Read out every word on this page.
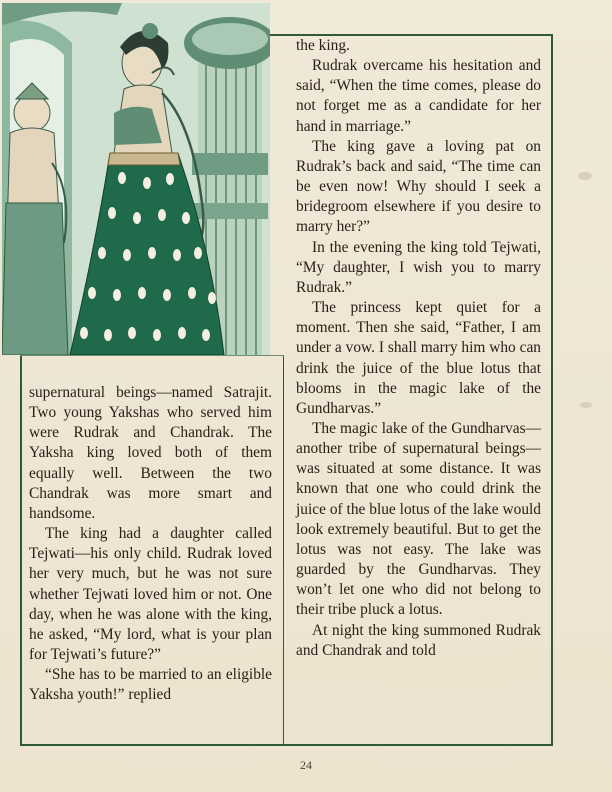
supernatural beings—named Satrajit. Two young Yakshas who served him were Rudrak and Chandrak. The Yaksha king loved both of them equally well. Between the two Chandrak was more smart and handsome.

The king had a daughter called Tejwati—his only child. Rudrak loved her very much, but he was not sure whether Tejwati loved him or not. One day, when he was alone with the king, he asked, “My lord, what is your plan for Tejwati’s future?”

“She has to be married to an eligible Yaksha youth!” replied

the king.

Rudrak overcame his hesitation and said, “When the time comes, please do not forget me as a candidate for her hand in marriage.”

The king gave a loving pat on Rudrak’s back and said, “The time can be even now! Why should I seek a bridegroom elsewhere if you desire to marry her?”

In the evening the king told Tejwati, “My daughter, I wish you to marry Rudrak.”

The princess kept quiet for a moment. Then she said, “Father, I am under a vow. I shall marry him who can drink the juice of the blue lotus that blooms in the magic lake of the Gundharvas.”

The magic lake of the Gundharvas—another tribe of supernatural beings—was situated at some distance. It was known that one who could drink the juice of the blue lotus of the lake would look extremely beautiful. But to get the lotus was not easy. The lake was guarded by the Gundharvas. They won’t let one who did not belong to their tribe pluck a lotus.

At night the king summoned Rudrak and Chandrak and told

24
